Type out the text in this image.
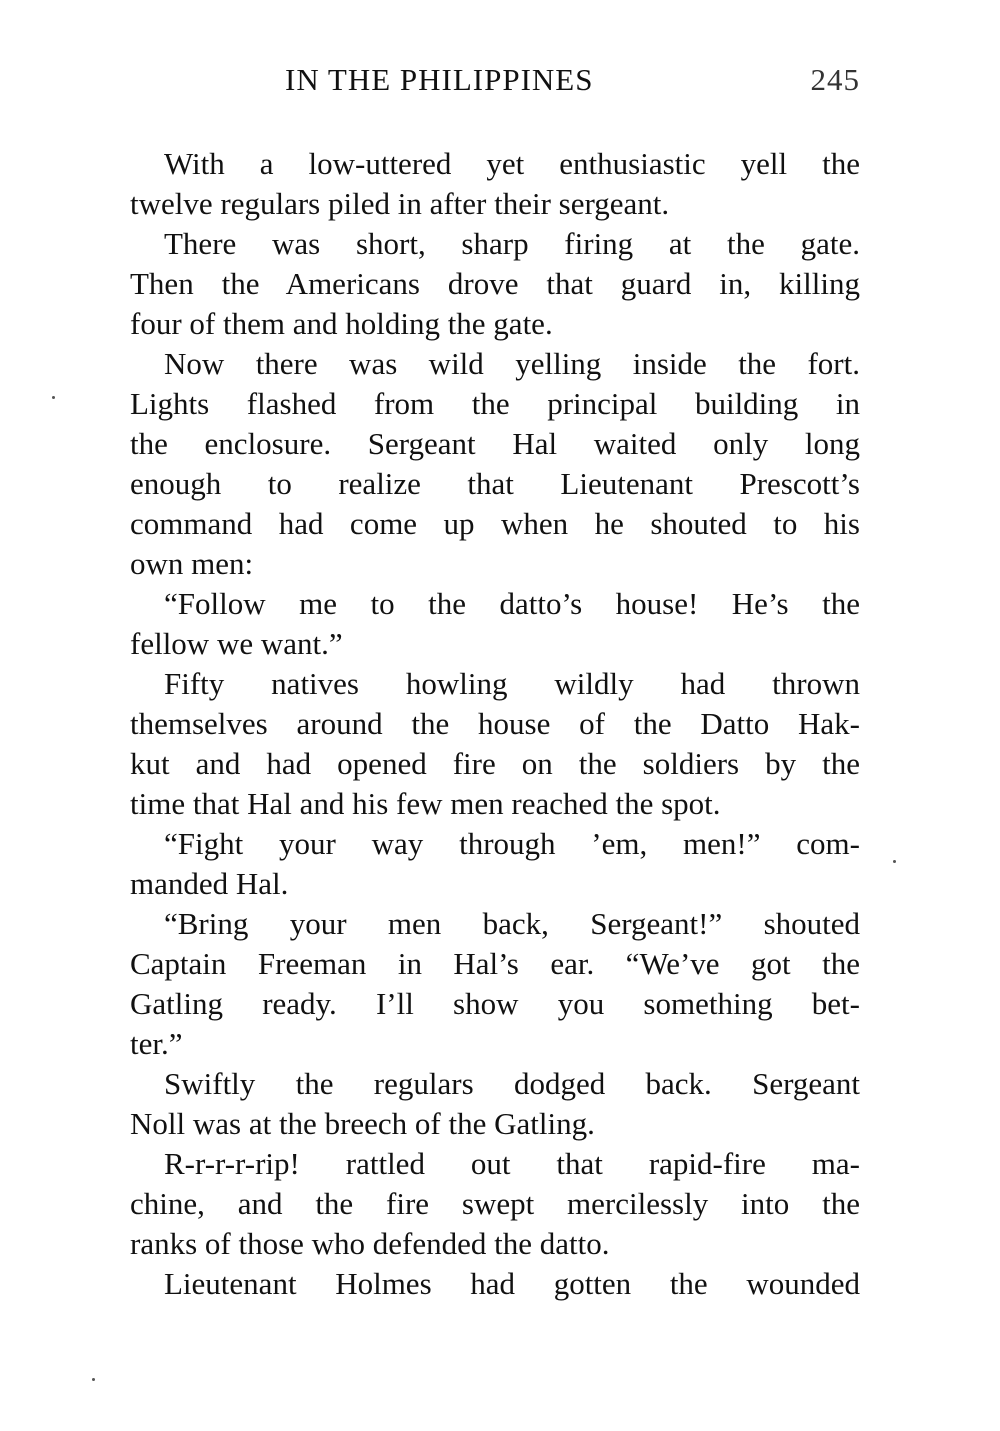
IN THE PHILIPPINES	245
With a low-uttered yet enthusiastic yell the
twelve regulars piled in after their sergeant.
There was short, sharp firing at the gate.
Then the Americans drove that guard in, killing
four of them and holding the gate.
Now there was wild yelling inside the fort.
Lights flashed from the principal building in
the enclosure. Sergeant Hal waited only long
enough to realize that Lieutenant Prescott’s
command had come up when he shouted to his
own men:
“Follow me to the datto’s house! He’s the
fellow we want.”
Fifty natives howling wildly had thrown
themselves around the house of the Datto Hak-
kut and had opened fire on the soldiers by the
time that Hal and his few men reached the spot.
“Fight your way through ’em, men!” com-
manded Hal.
“Bring your men back, Sergeant!” shouted
Captain Freeman in Hal’s ear. “We’ve got the
Gatling ready. I’ll show you something bet-
ter.”
Swiftly the regulars dodged back. Sergeant
Noll was at the breech of the Gatling.
R-r-r-r-rip! rattled out that rapid-fire ma-
chine, and the fire swept mercilessly into the
ranks of those who defended the datto.
Lieutenant Holmes had gotten the wounded
